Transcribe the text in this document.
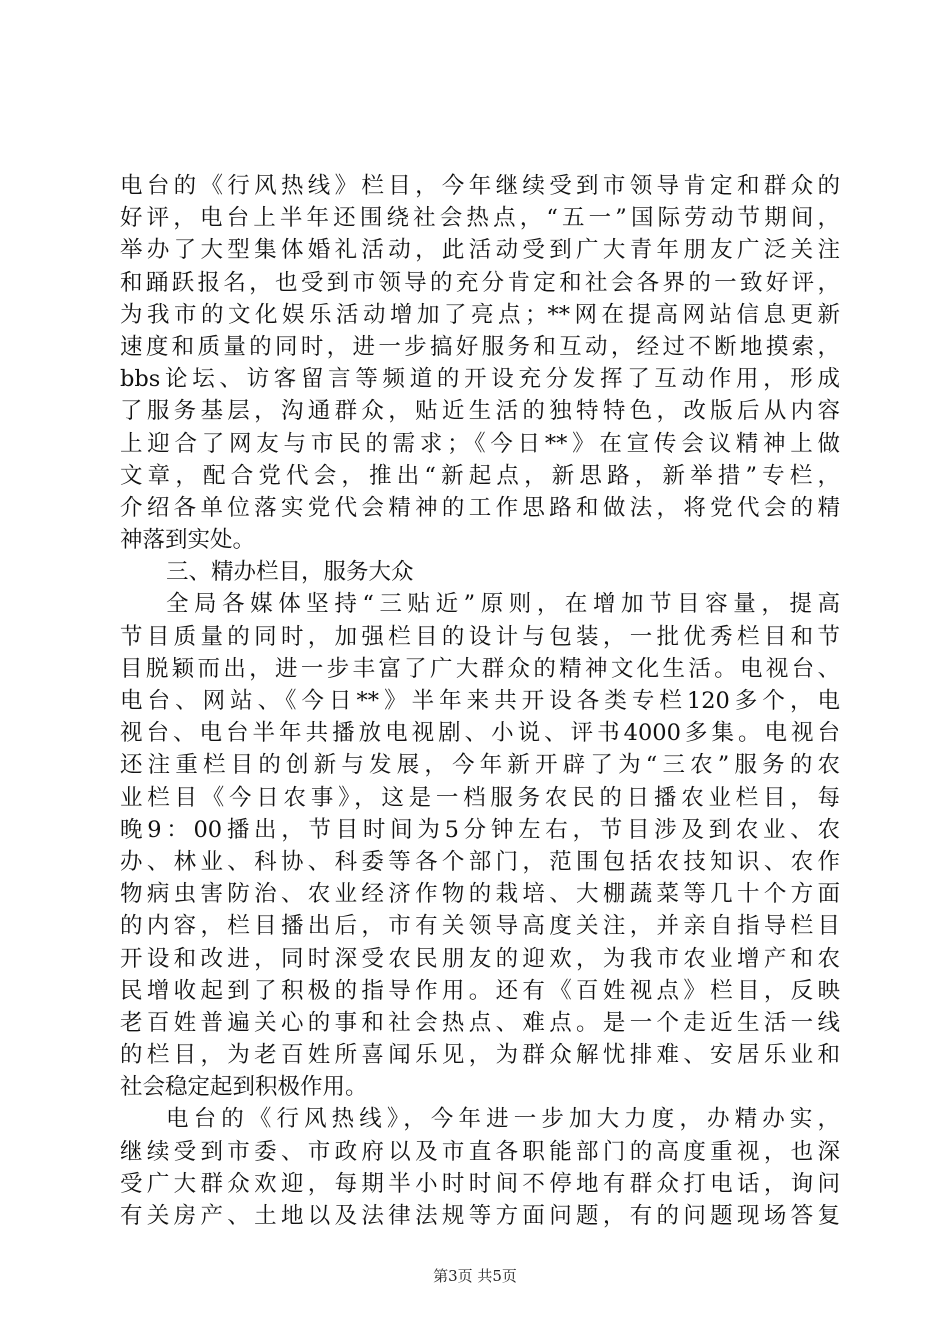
电台的《行风热线》栏目，今年继续受到市领导肯定和群众的
好评，电台上半年还围绕社会热点，“五一”国际劳动节期间，
举办了大型集体婚礼活动，此活动受到广大青年朋友广泛关注
和踊跃报名，也受到市领导的充分肯定和社会各界的一致好评，
为我市的文化娱乐活动增加了亮点；**网在提高网站信息更新
速度和质量的同时，进一步搞好服务和互动，经过不断地摸索，
bbs论坛、访客留言等频道的开设充分发挥了互动作用，形成
了服务基层，沟通群众，贴近生活的独特特色，改版后从内容
上迎合了网友与市民的需求；《今日**》在宣传会议精神上做
文章，配合党代会，推出“新起点，新思路，新举措”专栏，
介绍各单位落实党代会精神的工作思路和做法，将党代会的精
神落到实处。
三、精办栏目，服务大众
全局各媒体坚持“三贴近”原则，在增加节目容量，提高
节目质量的同时，加强栏目的设计与包装，一批优秀栏目和节
目脱颖而出，进一步丰富了广大群众的精神文化生活。电视台、
电台、网站、《今日**》半年来共开设各类专栏120多个，电
视台、电台半年共播放电视剧、小说、评书4000多集。电视台
还注重栏目的创新与发展，今年新开辟了为“三农”服务的农
业栏目《今日农事》，这是一档服务农民的日播农业栏目，每
晚9：00播出，节目时间为5分钟左右，节目涉及到农业、农
办、林业、科协、科委等各个部门，范围包括农技知识、农作
物病虫害防治、农业经济作物的栽培、大棚蔬菜等几十个方面
的内容，栏目播出后，市有关领导高度关注，并亲自指导栏目
开设和改进，同时深受农民朋友的迎欢，为我市农业增产和农
民增收起到了积极的指导作用。还有《百姓视点》栏目，反映
老百姓普遍关心的事和社会热点、难点。是一个走近生活一线
的栏目，为老百姓所喜闻乐见，为群众解忧排难、安居乐业和
社会稳定起到积极作用。
电台的《行风热线》，今年进一步加大力度，办精办实，
继续受到市委、市政府以及市直各职能部门的高度重视，也深
受广大群众欢迎，每期半小时时间不停地有群众打电话，询问
有关房产、土地以及法律法规等方面问题，有的问题现场答复
第3页 共5页
